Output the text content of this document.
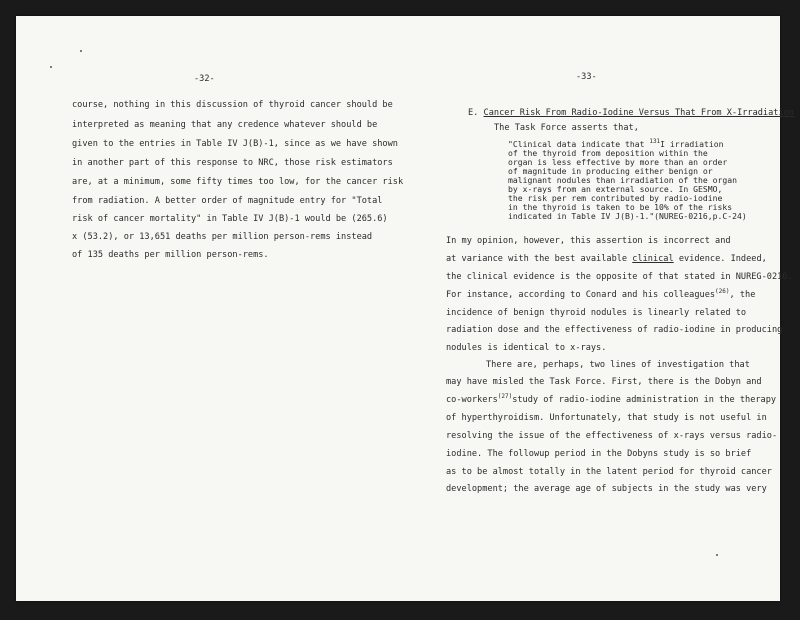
-32-
course, nothing in this discussion of thyroid cancer should be
interpreted as meaning that any credence whatever should be
given to the entries in Table IV J(B)-1, since as we have shown
in another part of this response to NRC, those risk estimators
are, at a minimum, some fifty times too low, for the cancer risk
from radiation. A better order of magnitude entry for "Total
risk of cancer mortality" in Table IV J(B)-1 would be (265.6)
x (53.2), or 13,651 deaths per million person-rems instead
of 135 deaths per million person-rems.
-33-
E. Cancer Risk From Radio-Iodine Versus That From X-Irradiation
The Task Force asserts that,
"Clinical data indicate that $^{131}$I irradiation
of the thyroid from deposition within the
organ is less effective by more than an order
of magnitude in producing either benign or
malignant nodules than irradiation of the organ
by x-rays from an external source. In GESMO,
the risk per rem contributed by radio-iodine
in the thyroid is taken to be 10% of the risks
indicated in Table IV J(B)-1."(NUREG-0216,p.C-24)
In my opinion, however, this assertion is incorrect and
at variance with the best available clinical evidence. Indeed,
the clinical evidence is the opposite of that stated in NUREG-0216.
For instance, according to Conard and his colleagues$^{(26)}$, the
incidence of benign thyroid nodules is linearly related to
radiation dose and the effectiveness of radio-iodine in producing
nodules is identical to x-rays.
There are, perhaps, two lines of investigation that
may have misled the Task Force. First, there is the Dobyn and
co-workers$^{(27)}$study of radio-iodine administration in the therapy
of hyperthyroidism. Unfortunately, that study is not useful in
resolving the issue of the effectiveness of x-rays versus radio-
iodine. The followup period in the Dobyns study is so brief
as to be almost totally in the latent period for thyroid cancer
development; the average age of subjects in the study was very
